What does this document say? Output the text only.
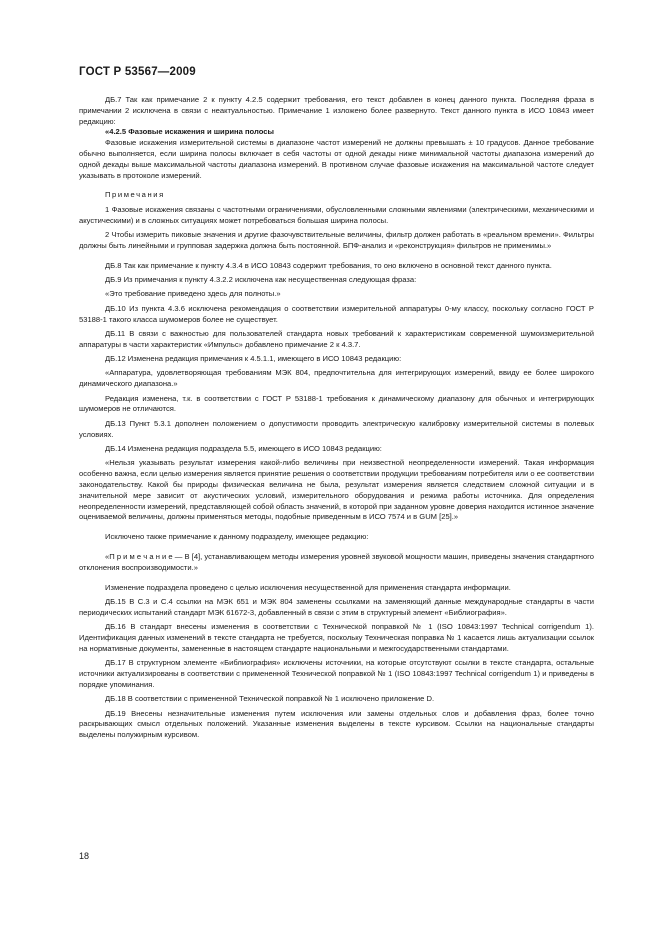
ГОСТ Р 53567—2009

ДБ.7 Так как примечание 2 к пункту 4.2.5 содержит требования, его текст добавлен в конец данного пункта. Последняя фраза в примечании 2 исключена в связи с неактуальностью. Примечание 1 изложено более развернуто. Текст данного пункта в ИСО 10843 имеет редакцию:

«4.2.5 Фазовые искажения и ширина полосы

Фазовые искажения измерительной системы в диапазоне частот измерений не должны превышать ± 10 градусов. Данное требование обычно выполняется, если ширина полосы включает в себя частоты от одной декады ниже минимальной частоты диапазона измерений до одной декады выше максимальной частоты диапазона измерений. В противном случае фазовые искажения на максимальной частоте следует указывать в протоколе измерений.

Примечания

1 Фазовые искажения связаны с частотными ограничениями, обусловленными сложными явлениями (электрическими, механическими и акустическими) и в сложных ситуациях может потребоваться большая ширина полосы.

2 Чтобы измерить пиковые значения и другие фазочувствительные величины, фильтр должен работать в «реальном времени». Фильтры должны быть линейными и групповая задержка должна быть постоянной. БПФ-анализ и «реконструкция» фильтров не применимы.»

ДБ.8 Так как примечание к пункту 4.3.4 в ИСО 10843 содержит требования, то оно включено в основной текст данного пункта.

ДБ.9 Из примечания к пункту 4.3.2.2 исключена как несущественная следующая фраза:

«Это требование приведено здесь для полноты.»

ДБ.10 Из пункта 4.3.6 исключена рекомендация о соответствии измерительной аппаратуры 0-му классу, поскольку согласно ГОСТ Р 53188-1 такого класса шумомеров более не существует.

ДБ.11 В связи с важностью для пользователей стандарта новых требований к характеристикам современной шумоизмерительной аппаратуры в части характеристик «Импульс» добавлено примечание 2 к 4.3.7.

ДБ.12 Изменена редакция примечания к 4.5.1.1, имеющего в ИСО 10843 редакцию:

«Аппаратура, удовлетворяющая требованиям МЭК 804, предпочтительна для интегрирующих измерений, ввиду ее более широкого динамического диапазона.»

Редакция изменена, т.к. в соответствии с ГОСТ Р 53188-1 требования к динамическому диапазону для обычных и интегрирующих шумомеров не отличаются.

ДБ.13 Пункт 5.3.1 дополнен положением о допустимости проводить электрическую калибровку измерительной системы в полевых условиях.

ДБ.14 Изменена редакция подраздела 5.5, имеющего в ИСО 10843 редакцию:

«Нельзя указывать результат измерения какой-либо величины при неизвестной неопределенности измерений. Такая информация особенно важна, если целью измерения является принятие решения о соответствии продукции требованиям потребителя или о ее соответствии законодательству. Какой бы природы физическая величина не была, результат измерения является следствием сложной ситуации и в значительной мере зависит от акустических условий, измерительного оборудования и режима работы источника. Для определения неопределенности измерений, представляющей собой область значений, в которой при заданном уровне доверия находится истинное значение оцениваемой величины, должны применяться методы, подобные приведенным в ИСО 7574 и в GUM [25].»

Исключено также примечание к данному подразделу, имеющее редакцию:

«П р и м е ч а н и е — В [4], устанавливающем методы измерения уровней звуковой мощности машин, приведены значения стандартного отклонения воспроизводимости.»

Изменение подраздела проведено с целью исключения несущественной для применения стандарта информации.

ДБ.15 В С.3 и С.4 ссылки на МЭК 651 и МЭК 804 заменены ссылками на заменяющий данные международные стандарты в части периодических испытаний стандарт МЭК 61672-3, добавленный в связи с этим в структурный элемент «Библиография».

ДБ.16 В стандарт внесены изменения в соответствии с Технической поправкой № 1 (ISO 10843:1997 Technical corrigendum 1). Идентификация данных изменений в тексте стандарта не требуется, поскольку Техническая поправка № 1 касается лишь актуализации ссылок на нормативные документы, замененные в настоящем стандарте национальными и межгосударственными стандартами.

ДБ.17 В структурном элементе «Библиография» исключены источники, на которые отсутствуют ссылки в тексте стандарта, остальные источники актуализированы в соответствии с примененной Технической поправкой № 1 (ISO 10843:1997 Technical corrigendum 1) и приведены в порядке упоминания.

ДБ.18 В соответствии с примененной Технической поправкой № 1 исключено приложение D.

ДБ.19 Внесены незначительные изменения путем исключения или замены отдельных слов и добавления фраз, более точно раскрывающих смысл отдельных положений. Указанные изменения выделены в тексте курсивом. Ссылки на национальные стандарты выделены полужирным курсивом.

18
